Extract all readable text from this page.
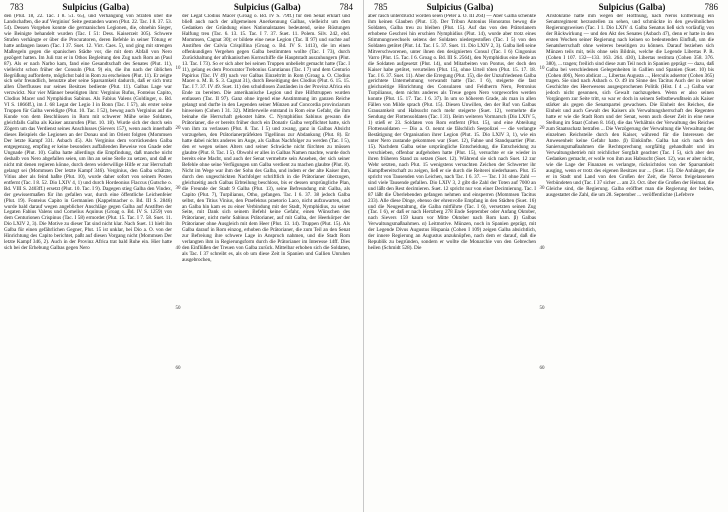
783	Sulpicius (Galba)	Sulpicius (Galba)	784

den (Plut. 18, 22. Tac. I 8. 51. 65), und Verhängung von Strafen über die Landschaften, die auf Verginius' Seite gestanden waren (Plut. 22. Tac. I 8. 37. 53. 54). Dessen Vorgehen konnte die germanischen Legionen, die, ohnehin Sieger, wie Beinigte behandelt wurden (Tac. I 51: Dess. Kaiserzeit 305). Schwere Strafen verhängte er über die Procuratoren, deren Befehle in seiner Tötung er hatte anfangen lassen (Tac. I 37. Suet. 12. Vict. Caes. 5), und ging mit strengen Maßregeln gegen die spanischen Städte vor, die mit dem Abfall von Nero gezögert hatten. Im Juli trat er in Othos Begleitung den Zug nach Rom an (Paul 87). Als er nach Narbo kam, fand eine Gesandtschaft des Senates (Plut. 11), vielleicht schon früher der Consuln (Plut. 9) ein, die ihn nach der üblichen Begrüßung aufforderte, möglichst bald in Rom zu erscheinen (Plut. 11). Er zeigte sich sehr freundlich, benutzte aber seine Sparsamkeit dadurch, daß er sich trotz allen Überflusses nur seines Besitzes bediente (Plut. 11). Galbas Lage war verzwickt. Nur vier Männer beseitigten ihm: Verginius Rufus, Fonteius Capito, Clodius Macer und Nymphidius Sabinus. Als Fabius Valens (Goldinger, o. Bd. VI S. 1866ff.), im J. 68 Legat der Legio I in Bonn (Tac. I 57), als erster seine Truppen für Galba vereidigte (Plut. 10. Tac. I 52), bewog auch Verginius auf die Kunde von dem Beschlüssen in Rom mit schwerer Mühe seine Soldaten, gleichfalls Galba als Kaiser anzurufen (Plut. 10. 18). Wurde sich der durch sein Zögern um das Verdienst seines Anschlusses (Sievers 157), wenn auch innerhalb dieses Beispiels die Legionen an der Donau und im Orient folgten (Mommsen Der letzte Kampf 331. Asbach 45). Als Verginius dem vorrückenden Galba entgegenzog, empfing er keine besonders auffallenden Beweise von Gnade oder Ungnade (Plut. 10). Galba hatte allerdings die Empfindung, daß manche nicht deshalb von Nero abgefallen seien, um ihn an seine Stelle zu setzen, und daß er nicht mit denen regieren könne, durch deren widerwillige Hilfe er zur Herrschaft gelangt sei (Mommsen Der letzte Kampf 346). Verginius, den Galba schätzte, Vitius aber als feind haßte (Plut. 10), wurde daher sofort von seinem Posten entfernt (Tac. I 8. 52. Dio LXIV 4, 1) und durch Hordeonius Flaccus (Gutsche o. Bd. VIII S. 2403ff.) ersetzt (Plut. 10. Tac. I 9). Dagegen stieg Galba den Vindex, der gewissermaßen für ihn gefallen war, durch eine öffentliche Leichenfeier (Plut. 19). Fonteius Capito in Germanien (Kappelmacher o. Bd. III S. 2846) wurde bald darauf wegen angeblicher Anschläge gegen Galba auf Anstiften der Legaten Fabius Valens und Cornelius Aquinus (Groag o. Bd. IV S. 1259) von dem Centurionen Crispinus (Tac. I 58) ermordet (Plut. 15. Tac. I 7. 58. Suet. 11. Dio LXIV 2, 3). Die Motive zu dieser Tat sind nicht klar. Nach Suet. 11 hielt ihn Galba für einen gefährlichen Gegner, Plut. 15 ist unklar, bei Dio a. O. von der Hinrichtung des Capito berichtet, paßt auf diesen Vorgang nicht (Mommsen Der letzte Kampf 346, 2). Auch in der Provinz Africa trat bald Ruhe ein. Hier hatte sich bei der Erhebung Galbas gegen Nero

10
20
30
40
50
60

der Legat Clodius Macer (Groag o. Bd. IV S. 79ff.) für den Senat erklärt und bließ auch nach der allgemeinen Anerkennung Galbas, vielleicht um dem Gedanken der Gründung eines Nationalstaates bedeutend, seine Rüstungen Halfung treu (Tac. 6. 13. 15. Tac. I 7. 37. Suet. 11. Polem. Silv. 242, ebd. Mommsen, Cagnat 30); er bildete eine neue Legion (Tac. II 97) und suchte auf Anstiften der Calvia Crispillina (Groag o. Bd. IV S. 1413), die im einen offenkundigen Vergehen gegen Galba bestimmten wollte (Tac. I 73), durch Zurückhaltung der afrikanischen Kornschiffe die Hauptstadt auszuhungern (Plut. 13. Tac. I 73). So er sich aber bei seinen Truppen unbeliebt gemacht hatte (Tac. I 11), gelang es dem Procurator Trebonius Garutianus (Tac. I 7) und dem Centurio Papirius (Tac. IV 49) nach vor Galbas Einzeltritt in Rom (Groag a. O. Clodius Macer o. M. B. S. 3. Cagnat 31), durch Beseitigung des Clodius (Plut. 6. 15. 15. Tac. I 7. 37. IV 49. Suet. 11) den schuldlosen Zuständen in der Provinz Africa ein Ende zu bereiten. Die amerikanische Legion und ihre Hilfstruppen wurden entlassen (Tac. II 97). Ganz ohne irgend eine Anstimmung im ganzen Reiche gelangt und durfte in den Legenden seiner Münzen auf Concordia provinciarum hinweisen (Cohen I 31. 32). Mittlerweile entstand in Rom eine Gefahr, die ihm beinahe die Herrschaft gekostet hätte. C. Nymphidius Sabinus gewann die Prätorianer, die er bereits früher durch ein Donativ Galba verpflichtet hatte, sich von ihm zu verlassen (Plut. 8. Tac. I 5) und zwang, ganz in Galbas Absicht vorzugehen, den Prätorianerpräfekten Tigellinus zur Abdankung (Plut. 8). Er hatte dabei nichts anderes im Auge, als Galbas Nachfolger zu werden (Tac. I 5), den er wegen seines Alters und seiner Schwäche nicht fürchten zu müssen glaubte (Plut. 8. Tac. I 5). Obwohl er alles in Galbas Namen machte, wurde doch bereits eine Macht, und auch der Senat vermehrte sein Ansehen, der sich seiner Befehle ohne seine Verfügungen um Galba verdient zu machen glaubte (Plut. 8). Nicht im Wege war ihm der Sohn des Galba, und indem er der alte Kaiser ihm, durch den ungeschickten Nachfolger schriftlich in die Prätorianer überzogen, gleichzeitig auch Galbas Erbteilung beschloss, bis er dessen ursprüngliche Plan, die Freunde der Stadt 9 Galba (Plut. 13), seine Befreundung mit Galba, als Capito (Plut. 7), Turpilianus, Otho, gefangen. Tac. I 6. 37. 38 jedoch Galba selbst, den Titius Vinius, den Praefektus praetorio Laco, nicht aufzuwarten, und an Galba hin kam es zu einer Verbindung mit der Stadt, Nymphidius, zu seiner Seite, mit Dank sich seinem Befehl keine Gefahr, einen Wünschen des Prätorianer, nicht mehr Sabinus Prätorianer, auf mit Galba, der Heerkörper der Prätorianer ohne Ausgleich mit dem Heer (Plut. 13. 14). Truppen (Plut. 15). Als Galba darauf in Rom einzog, erhoben die Prätorianer, die zum Teil an den Senat zur Befreiung ihre schwere Lage in Anspruch nahmen, und die Stadt Rom verlangten ihm in Regierungsform durch die Prätorianer im Interesse 14ff. Dies den Einflüßen der Treuen von Galba zurück. Mittelbar erhoben sich die Soldaten, als Tac. I 37 schreibt es, als ob um diese Zeit in Spanien und Gallien Unruhen ausgebrochen,

785	Sulpicius (Galba)	Sulpicius (Galba)	786

aber rasch unterdrückt worden seien (Peter a. O. III 264) — Aber Galba schenkte ihm keinen Glauben (Plut. 13). Der Tribun Antonius Honoratus bewog die Soldaten, Galba treu zu bleiben (Plut. 15). Auf das von den Prätorianern erhobene Geschrei hin erschien Nymphidius (Plut. 14), wurde aber trotz eines Stimmungswechsels seitens der Soldaten niedergestoßen (Tac. I 5) von den Soldaten getötet (Plut. 14. Tac. I 5. 37. Suet. 11. Dio LXIV 2, 3). Galba ließ seine Mitverschworenen, unter ihnen den designierten Consul (Tac. I 6) Cingonius Varro (Plut. 15. Tac. I 6. Groag o. Bd. III S. 2564), den Nymphidius eine Rede an die Soldaten aufgesetzt (Plut. 14), und Mitarbeiten von Pontus, der doch den Kaiser habe getötet, verurteilen (Plut. 15), ohne Urteil töten (Plut. 15. 17. 18. Tac. I 6. 37. Suet. 11). Aber die Erregung (Plut. 15), die der Unzufriedenen Galba gerichtete Unternehmung verwandt hatte (Tac. I 6), steigerte die fast gleichzeitige Hinrichtung des Consularen und Feldherrn Nero, Petronius Turpilianus, dem nichts anderes als Treue gegen Nero vorgeworfen werden konnte (Plut. 15. 17. Tac. I 6. 37). In um so höherem Grade, als man in allen Fällen von Milde sprach (Plut. 15). Diesen Unwillen, den der Ruf von Galbas Grausamkeit und Habsucht noch mehr steigerte (Suet. 12), vermehrte die Sendung der Flottensoldaten (Tac. I 31). Beim weiteren Vormarsch (Dio LXIV 5, 1) stieß er 23. Soldaten von Rom entfernt (Plut. 15), und eine Abteilung Flottensoldaten — Dio a. O. nennt sie fälschlich Seepolizei — die verlangte Bestätigung der Organisation ihrer Legion (Plut. 15. Dio LXIV 3, 1), wie ein unter Nero zustande gekommen war (Suet. 12), Fahne und Standquartier (Plut. 15). Nachdem Galba seine ursprüngliche Entscheidung, die Entscheidung zu verschieben, offenbar aufgehoben hatte (Plut. 15), versuchte er sie wieder in ihren früheren Stand zu setzen (Suet. 12). Während sie sich nach Suet. 12 zur Wehr setzten, nach Plut. 15 wenigstens versuchten Zeichen der Schwerter ihr Kampfbereitschaft zu zeigen, ließ er sie durch die Reiterei niederhauen. Plut. 15 spricht von Tausenden von Leichen, nach Tac. I 6. 37. — Tac. I 31 ohne Zahl — sind viele Tausende gefallen. Dio LXIV 3, 2 gibt die Zahl der Toten auf 7000 an und läßt den Rest decimieren. Suet. 12 spricht nur von einer Decimierung. Tac. I 87 läßt die Überlebenden gefangen nehmen und einsperren (Mommsen Tacitus 233). Alle diese Dinge, ebenso der ehrenvolle Empfang in den Städten (Suet. 16) und die Neugestaltung, die Galba mitführte (Tac. I 6), versetzten seinen Zug (Tac. I 6), er daß er nach Hertzberg 278 Ende September oder Anfang Oktober, nach Sievers 159 kaum vor Mitte Oktober nach Rom kam. β) Galbas Verwaltungsmaßnahmen. α) Leitmotive. Münzen, noch in Spanien geprägt, mit der Legende Divus Augustus Hispania (Cohen I 109) zeigen Galba absichtlich, der innere Regierung an Augustus anzuknüpfen, nach dem er darauf, daß die Republik zu begründen, sondern er wollte die Monarchie von den Gebrechen heilen (Schmidt 528). Die

10
20
30
40
50
60

Aristokratie hatte ihm wegen der Hoffnung, nach Neros Entfernung ein Senatsregiment herzustellen zu sehen, und schmückte in den gewöhnlichen Regierungsweisen (Tac. I 1. Dio LXIV 4. Galba Senatus ließ sich vorläufig von der Rückwirkung — und den Akt des Senates (Asbach 47), denn er hatte in den ersten Wochen seiner Regierung nach keinen so bedeutenden Einfluß, um die Senatsherrschaft ohne weiteres beseitigen zu können. Darauf beziehen sich Münzen teils mit, teils ohne sein Bildnis, welche die Legende Libertas P. R. (Cohen I 107. 132—133. 163. 264. 430), Libertas restituta (Cohen 358. 376. 380), ... tragen; freilich sind diese zum Teil noch in Spanien geprägt — dazu, daß Galba bei verschiedenen Gelegenheiten in Gallien und Spanien (Suet. 10) bis (Cohen 406), Nero abdicat ..., Libertas Augusta ..., Herculis adsertor (Cohen 365) tragen. Sie sind nach Asbach o. O. 49 im Sinne des Tacitus Auch der in seiner Geschichte des Heerwesens ausgesprochenen Politik (Hist. I 4 ...) Galba war jedoch nicht gesonnen, sich Gewalt nachzugeben. Wenn er also seinen Vorgängern zur Seite tritt, so war er doch in seinem Selbstbewußtsein als Kaiser stärker als gegen die Senatspartei gewachsen. Die Einheit des Reiches, die Einheit und auch Gewalt des Kaisers als Verwaltungsherrschaft des Regenten hatte er wie die Stadt Rom und der Senat, wenn auch dieser Zeit in eine neue Stellung im Staat (Cohen 8. 164), die das Verhältnis der Verwaltung des Reiches zum Staatsschatz betrafen ... Die Verzögerung der Verwaltung die Verwaltung der einzelnen Reichsteile durch den Kaiser, während für die Interessen der Anwesenheit keine Gefahr hatte. β) Einkünfte. Galba hat sich nach den Sanierungsmaßnahmen die Rechtsprechung sorgfältig gehandhabt und im Verwaltungsbetrieb mit reichlicher Sorgfalt geachtet (Tac. I 5), sich aber den Gedanken gemacht, er wolle von ihm aus Habsucht (Suet. 12), was er aber nicht, wie die Lage der Finanzen es verlangte, rücksichtslos von der Sparsamkeit ausging, wenn er trotz des eigenen Besitzes nur ... (Suet. 15). Die Anhänger, die er in Stadt und Land von den Großen der Zeit, die Neros freigelassenen Verbündeten und (Tac. I 37 sicher ... am 23. Oct. über die Großen der Heimat, die Gleiche sind, die Regierung. Galba eröffnet man die Regierung der beiden, ausgestattet die Zahl, die um 28. September ... veröffentlichte (Lefebvre
